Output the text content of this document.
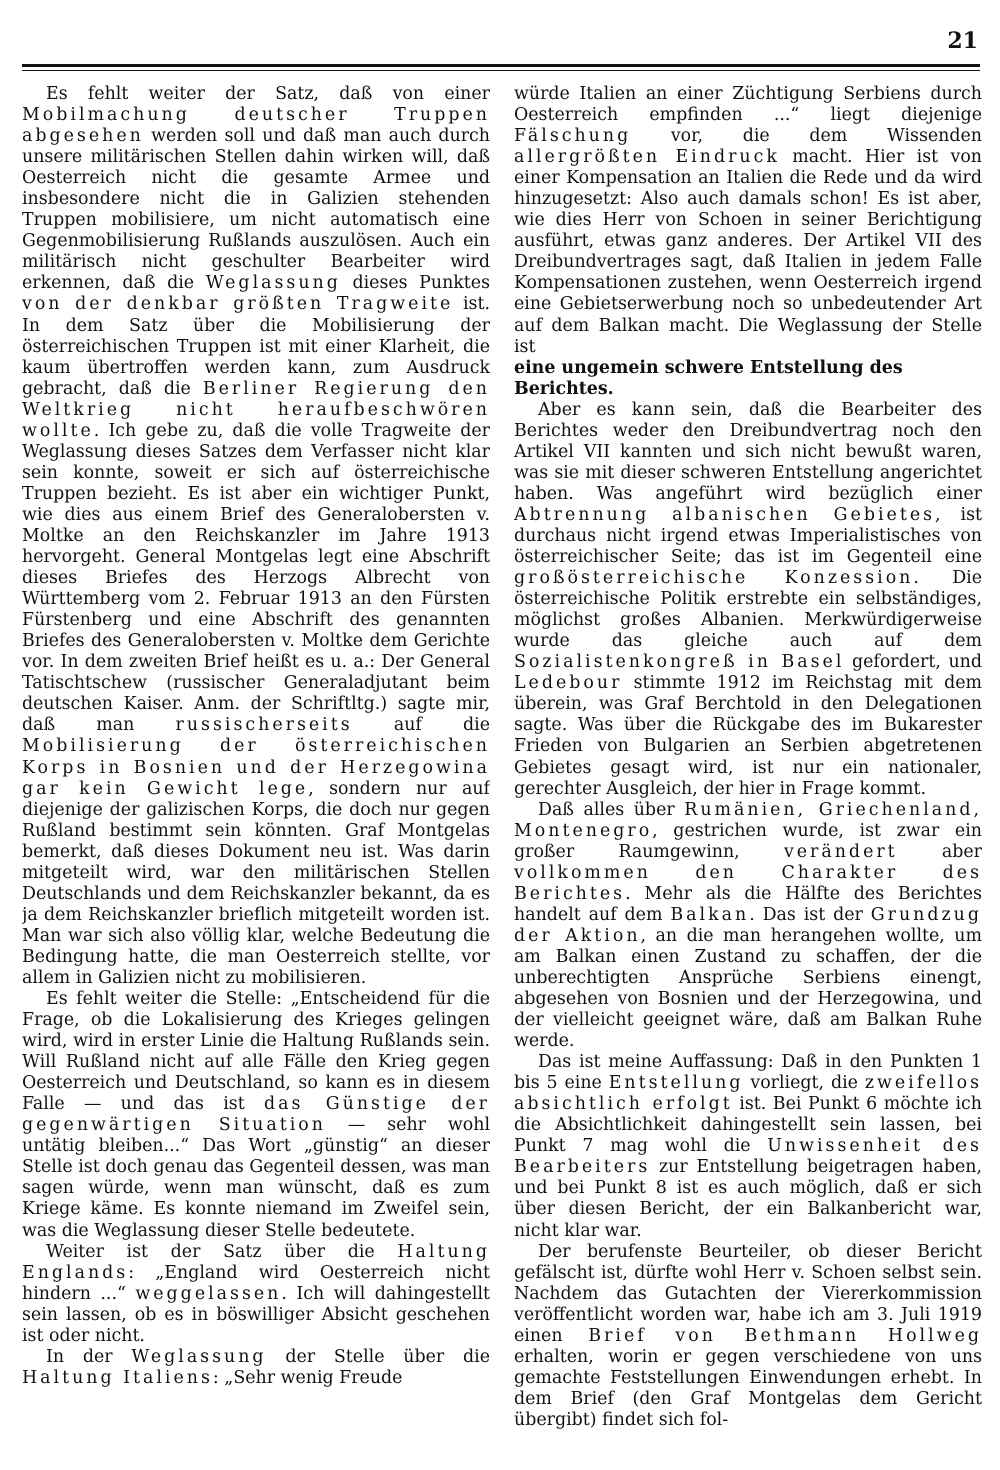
21

Es fehlt weiter der Satz, daß von einer Mobilmachung deutscher Truppen abgesehen werden soll und daß man auch durch unsere militärischen Stellen dahin wirken will, daß Oesterreich nicht die gesamte Armee und insbesondere nicht die in Galizien stehenden Truppen mobilisiere, um nicht automatisch eine Gegenmobilisierung Rußlands auszulösen. Auch ein militärisch nicht geschulter Bearbeiter wird erkennen, daß die Weglassung dieses Punktes von der denkbar größten Tragweite ist. In dem Satz über die Mobilisierung der österreichischen Truppen ist mit einer Klarheit, die kaum übertroffen werden kann, zum Ausdruck gebracht, daß die Berliner Regierung den Weltkrieg nicht heraufbeschwören wollte. Ich gebe zu, daß die volle Tragweite der Weglassung dieses Satzes dem Verfasser nicht klar sein konnte, soweit er sich auf österreichische Truppen bezieht. Es ist aber ein wichtiger Punkt, wie dies aus einem Brief des Generalobersten v. Moltke an den Reichskanzler im Jahre 1913 hervorgeht. General Montgelas legt eine Abschrift dieses Briefes des Herzogs Albrecht von Württemberg vom 2. Februar 1913 an den Fürsten Fürstenberg und eine Abschrift des genannten Briefes des Generalobersten v. Moltke dem Gerichte vor. In dem zweiten Brief heißt es u. a.: Der General Tatischtschew (russischer Generaladjutant beim deutschen Kaiser. Anm. der Schriftltg.) sagte mir, daß man russischerseits auf die Mobilisierung der österreichischen Korps in Bosnien und der Herzegowina gar kein Gewicht lege, sondern nur auf diejenige der galizischen Korps, die doch nur gegen Rußland bestimmt sein könnten. Graf Montgelas bemerkt, daß dieses Dokument neu ist. Was darin mitgeteilt wird, war den militärischen Stellen Deutschlands und dem Reichskanzler bekannt, da es ja dem Reichskanzler brieflich mitgeteilt worden ist. Man war sich also völlig klar, welche Bedeutung die Bedingung hatte, die man Oesterreich stellte, vor allem in Galizien nicht zu mobilisieren.

Es fehlt weiter die Stelle: „Entscheidend für die Frage, ob die Lokalisierung des Krieges gelingen wird, wird in erster Linie die Haltung Rußlands sein. Will Rußland nicht auf alle Fälle den Krieg gegen Oesterreich und Deutschland, so kann es in diesem Falle — und das ist das Günstige der gegenwärtigen Situation — sehr wohl untätig bleiben...“ Das Wort „günstig“ an dieser Stelle ist doch genau das Gegenteil dessen, was man sagen würde, wenn man wünscht, daß es zum Kriege käme. Es konnte niemand im Zweifel sein, was die Weglassung dieser Stelle bedeutete.

Weiter ist der Satz über die Haltung Englands: „England wird Oesterreich nicht hindern ...“ weggelassen. Ich will dahingestellt sein lassen, ob es in böswilliger Absicht geschehen ist oder nicht.

In der Weglassung der Stelle über die Haltung Italiens: „Sehr wenig Freude

würde Italien an einer Züchtigung Serbiens durch Oesterreich empfinden ...“ liegt diejenige Fälschung vor, die dem Wissenden allergrößten Eindruck macht. Hier ist von einer Kompensation an Italien die Rede und da wird hinzugesetzt: Also auch damals schon! Es ist aber, wie dies Herr von Schoen in seiner Berichtigung ausführt, etwas ganz anderes. Der Artikel VII des Dreibundvertrages sagt, daß Italien in jedem Falle Kompensationen zustehen, wenn Oesterreich irgend eine Gebietserwerbung noch so unbedeutender Art auf dem Balkan macht. Die Weglassung der Stelle ist

eine ungemein schwere Entstellung des Berichtes.

Aber es kann sein, daß die Bearbeiter des Berichtes weder den Dreibundvertrag noch den Artikel VII kannten und sich nicht bewußt waren, was sie mit dieser schweren Entstellung angerichtet haben. Was angeführt wird bezüglich einer Abtrennung albanischen Gebietes, ist durchaus nicht irgend etwas Imperialistisches von österreichischer Seite; das ist im Gegenteil eine großösterreichische Konzession. Die österreichische Politik erstrebte ein selbständiges, möglichst großes Albanien. Merkwürdigerweise wurde das gleiche auch auf dem Sozialistenkongreß in Basel gefordert, und Ledebour stimmte 1912 im Reichstag mit dem überein, was Graf Berchtold in den Delegationen sagte. Was über die Rückgabe des im Bukarester Frieden von Bulgarien an Serbien abgetretenen Gebietes gesagt wird, ist nur ein nationaler, gerechter Ausgleich, der hier in Frage kommt.

Daß alles über Rumänien, Griechenland, Montenegro, gestrichen wurde, ist zwar ein großer Raumgewinn, verändert aber vollkommen den Charakter des Berichtes. Mehr als die Hälfte des Berichtes handelt auf dem Balkan. Das ist der Grundzug der Aktion, an die man herangehen wollte, um am Balkan einen Zustand zu schaffen, der die unberechtigten Ansprüche Serbiens einengt, abgesehen von Bosnien und der Herzegowina, und der vielleicht geeignet wäre, daß am Balkan Ruhe werde.

Das ist meine Auffassung: Daß in den Punkten 1 bis 5 eine Entstellung vorliegt, die zweifellos absichtlich erfolgt ist. Bei Punkt 6 möchte ich die Absichtlichkeit dahingestellt sein lassen, bei Punkt 7 mag wohl die Unwissenheit des Bearbeiters zur Entstellung beigetragen haben, und bei Punkt 8 ist es auch möglich, daß er sich über diesen Bericht, der ein Balkanbericht war, nicht klar war.

Der berufenste Beurteiler, ob dieser Bericht gefälscht ist, dürfte wohl Herr v. Schoen selbst sein. Nachdem das Gutachten der Viererkommission veröffentlicht worden war, habe ich am 3. Juli 1919 einen Brief von Bethmann Hollweg erhalten, worin er gegen verschiedene von uns gemachte Feststellungen Einwendungen erhebt. In dem Brief (den Graf Montgelas dem Gericht übergibt) findet sich fol-
